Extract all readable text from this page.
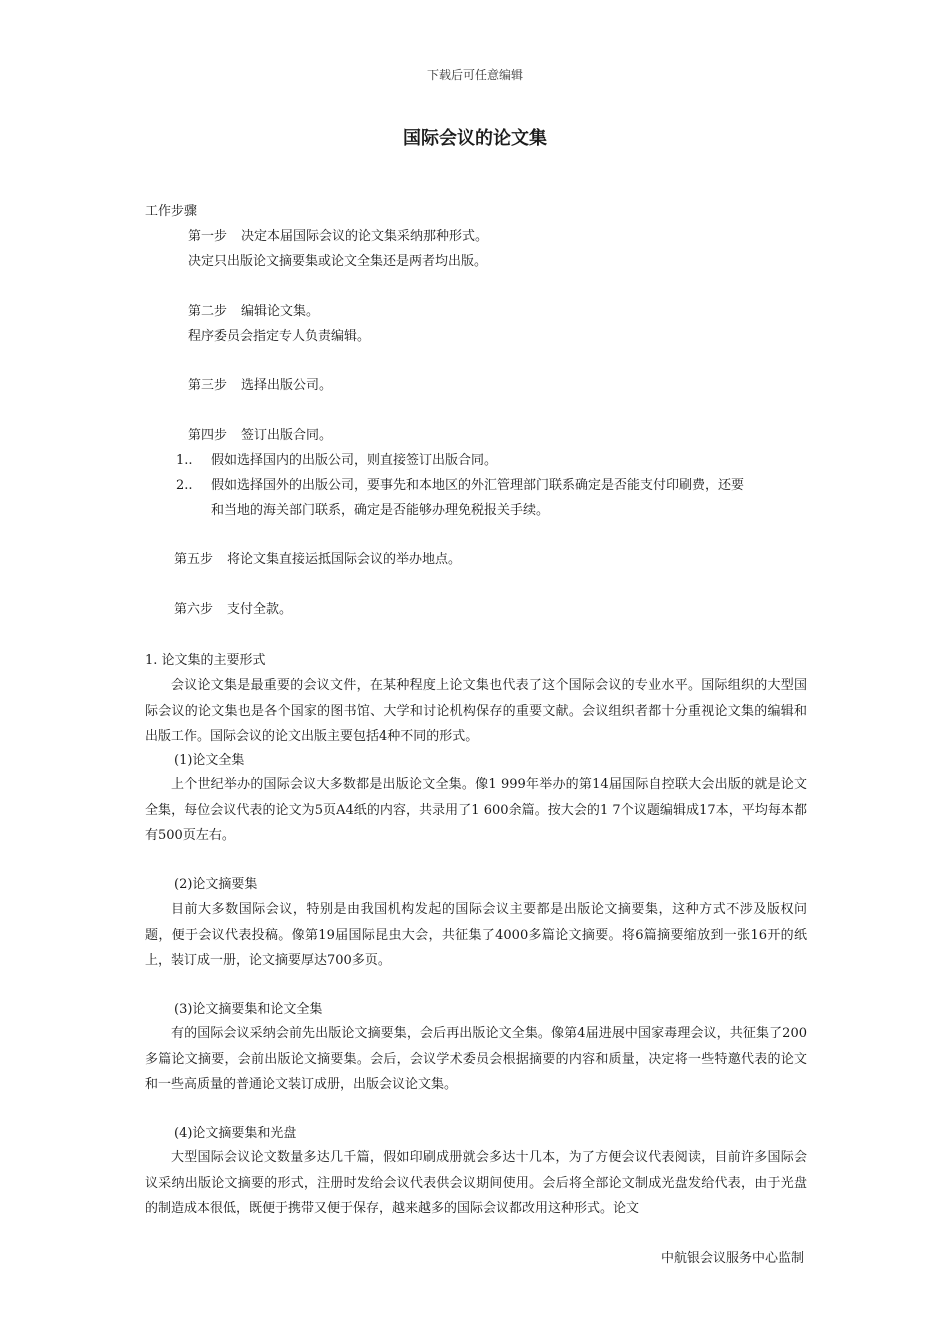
下载后可任意编辑
国际会议的论文集
工作步骤
第一步 决定本届国际会议的论文集采纳那种形式。
决定只出版论文摘要集或论文全集还是两者均出版。
第二步 编辑论文集。
程序委员会指定专人负责编辑。
第三步 选择出版公司。
第四步 签订出版合同。
1.. 假如选择国内的出版公司，则直接签订出版合同。
2.. 假如选择国外的出版公司，要事先和本地区的外汇管理部门联系确定是否能支付印刷费，还要
和当地的海关部门联系，确定是否能够办理免税报关手续。
第五步 将论文集直接运抵国际会议的举办地点。
第六步 支付全款。
1. 论文集的主要形式
会议论文集是最重要的会议文件，在某种程度上论文集也代表了这个国际会议的专业水平。国际组织的大型国际会议的论文集也是各个国家的图书馆、大学和讨论机构保存的重要文献。会议组织者都十分重视论文集的编辑和出版工作。国际会议的论文出版主要包括4种不同的形式。
(1)论文全集
上个世纪举办的国际会议大多数都是出版论文全集。像1 999年举办的第14届国际自控联大会出版的就是论文全集，每位会议代表的论文为5页A4纸的内容，共录用了1 600余篇。按大会的1 7个议题编辑成17本，平均每本都有500页左右。
(2)论文摘要集
目前大多数国际会议，特别是由我国机构发起的国际会议主要都是出版论文摘要集，这种方式不涉及版权问题，便于会议代表投稿。像第19届国际昆虫大会，共征集了4000多篇论文摘要。将6篇摘要缩放到一张16开的纸上，装订成一册，论文摘要厚达700多页。
(3)论文摘要集和论文全集
有的国际会议采纳会前先出版论文摘要集，会后再出版论文全集。像第4届进展中国家毒理会议，共征集了200多篇论文摘要，会前出版论文摘要集。会后，会议学术委员会根据摘要的内容和质量，决定将一些特邀代表的论文和一些高质量的普通论文装订成册，出版会议论文集。
(4)论文摘要集和光盘
大型国际会议论文数量多达几千篇，假如印刷成册就会多达十几本，为了方便会议代表阅读，目前许多国际会议采纳出版论文摘要的形式，注册时发给会议代表供会议期间使用。会后将全部论文制成光盘发给代表，由于光盘的制造成本很低，既便于携带又便于保存，越来越多的国际会议都改用这种形式。论文
中航银会议服务中心监制
